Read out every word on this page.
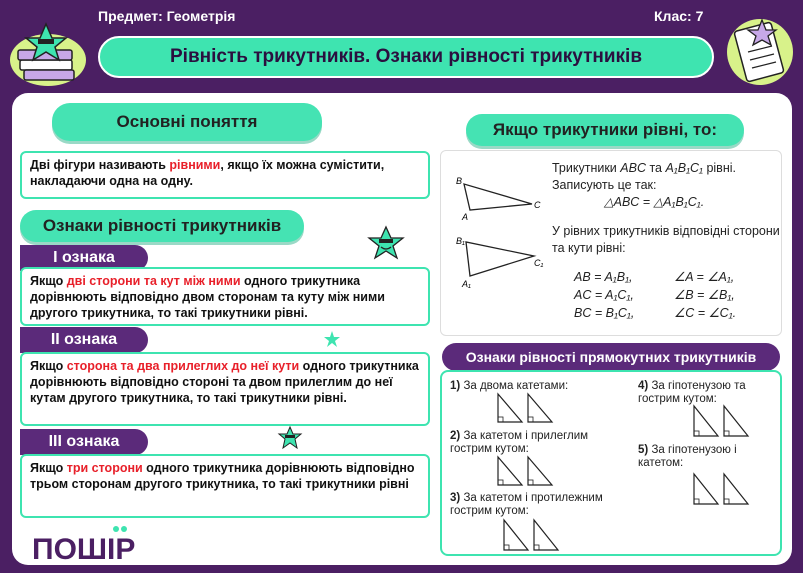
Предмет: Геометрія	Клас: 7
Рівність трикутників. Ознаки рівності трикутників
Основні поняття
Дві фігури називають рівними, якщо їх можна сумістити, накладаючи одна на одну.
Ознаки рівності трикутників
І ознака
Якщо дві сторони та кут між ними одного трикутника дорівнюють відповідно двом сторонам та куту між ними другого трикутника, то такі трикутники рівні.
ІІ ознака
Якщо сторона та два прилеглих до неї кути одного трикутника дорівнюють відповідно стороні та двом прилеглим до неї кутам другого трикутника, то такі трикутники рівні.
ІІІ ознака
Якщо три сторони одного трикутника дорівнюють відповідно трьом сторонам другого трикутника, то такі трикутники рівні
ПОШІР
Якщо трикутники рівні, то:
B
A
C
B₁
A₁
C₁
Трикутники ABC та A₁B₁C₁ рівні.
Записують це так:
△ABC = △A₁B₁C₁.
У рівних трикутників відповідні сторони та кути рівні:
AB = A₁B₁,	∠A = ∠A₁,
AC = A₁C₁,	∠B = ∠B₁,
BC = B₁C₁,	∠C = ∠C₁.
Ознаки рівності прямокутних трикутників
1) За двома катетами:
2) За катетом і прилеглим гострим кутом:
3) За катетом і протилежним гострим кутом:
4) За гіпотенузою та гострим кутом:
5) За гіпотенузою і катетом:
